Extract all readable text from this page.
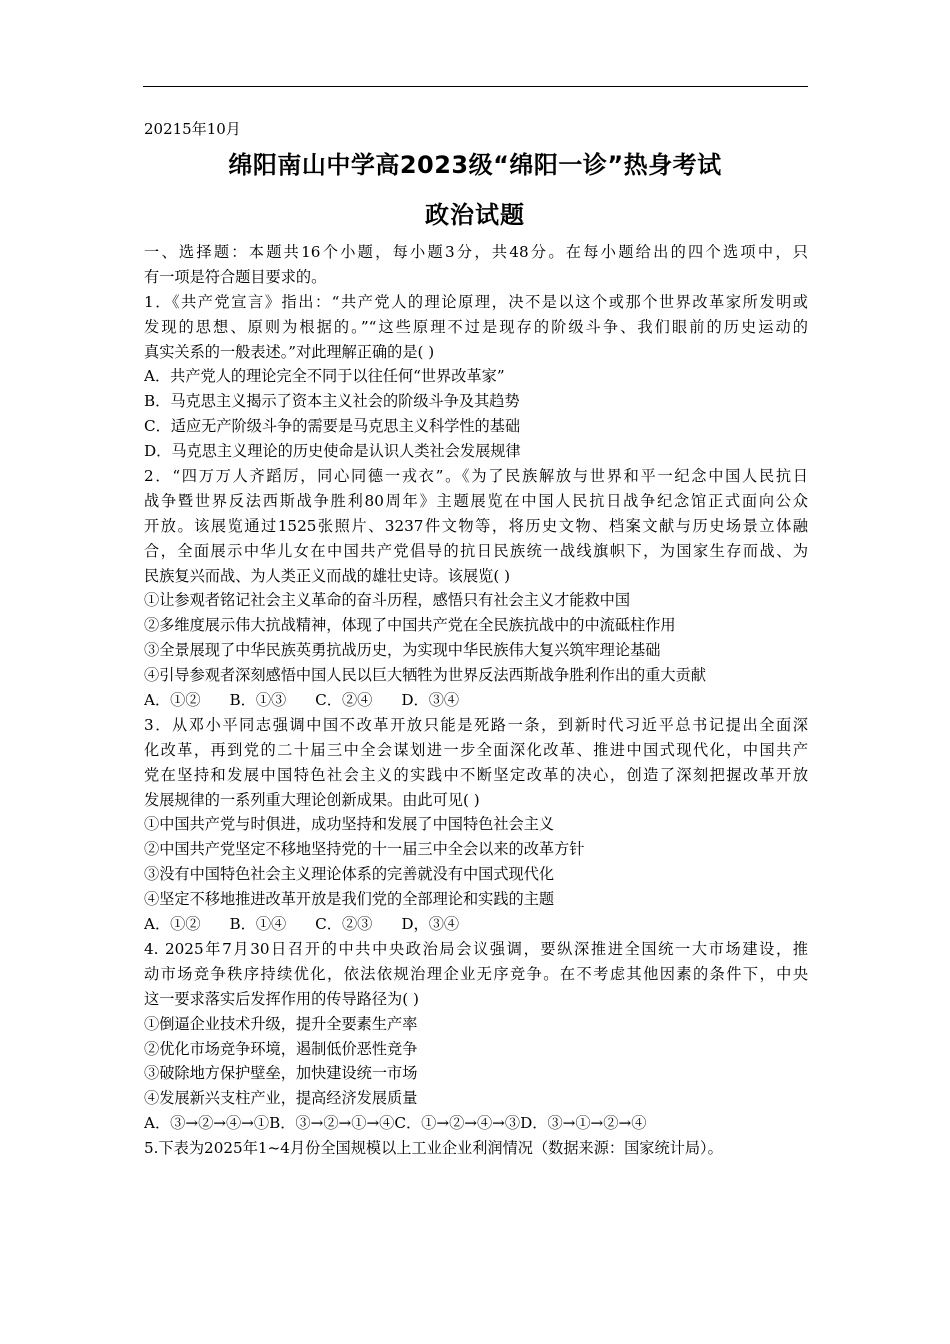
20215年10月
绵阳南山中学高2023级“绵阳一诊”热身考试
政治试题
一、选择题：本题共16个小题，每小题3分，共48分。在每小题给出的四个选项中，只
有一项是符合题目要求的。
1．《共产党宣言》指出：“共产党人的理论原理，决不是以这个或那个世界改革家所发明或
发现的思想、原则为根据的。”“这些原理不过是现存的阶级斗争、我们眼前的历史运动的
真实关系的一般表述。”对此理解正确的是( )
A．共产党人的理论完全不同于以往任何“世界改革家”
B．马克思主义揭示了资本主义社会的阶级斗争及其趋势
C．适应无产阶级斗争的需要是马克思主义科学性的基础
D．马克思主义理论的历史使命是认识人类社会发展规律
2．“四万万人齐蹈厉，同心同德一戎衣”。《为了民族解放与世界和平一纪念中国人民抗日
战争暨世界反法西斯战争胜利80周年》主题展览在中国人民抗日战争纪念馆正式面向公众
开放。该展览通过1525张照片、3237件文物等，将历史文物、档案文献与历史场景立体融
合，全面展示中华儿女在中国共产党倡导的抗日民族统一战线旗帜下，为国家生存而战、为
民族复兴而战、为人类正义而战的雄壮史诗。该展览( )
①让参观者铭记社会主义革命的奋斗历程，感悟只有社会主义才能救中国
②多维度展示伟大抗战精神，体现了中国共产党在全民族抗战中的中流砥柱作用
③全景展现了中华民族英勇抗战历史，为实现中华民族伟大复兴筑牢理论基础
④引导参观者深刻感悟中国人民以巨大牺牲为世界反法西斯战争胜利作出的重大贡献
A．①②      B．①③      C．②④      D．③④
3．从邓小平同志强调中国不改革开放只能是死路一条，到新时代习近平总书记提出全面深
化改革，再到党的二十届三中全会谋划进一步全面深化改革、推进中国式现代化，中国共产
党在坚持和发展中国特色社会主义的实践中不断坚定改革的决心，创造了深刻把握改革开放
发展规律的一系列重大理论创新成果。由此可见( )
①中国共产党与时俱进，成功坚持和发展了中国特色社会主义
②中国共产党坚定不移地坚持党的十一届三中全会以来的改革方针
③没有中国特色社会主义理论体系的完善就没有中国式现代化
④坚定不移地推进改革开放是我们党的全部理论和实践的主题
A．①②      B．①④      C．②③      D，③④
4. 2025年7月30日召开的中共中央政治局会议强调，要纵深推进全国统一大市场建设，推
动市场竞争秩序持续优化，依法依规治理企业无序竞争。在不考虑其他因素的条件下，中央
这一要求落实后发挥作用的传导路径为( )
①倒逼企业技术升级，提升全要素生产率
②优化市场竞争环境，遏制低价恶性竞争
③破除地方保护壁垒，加快建设统一市场
④发展新兴支柱产业，提高经济发展质量
A．③→②→④→①B．③→②→①→④C．①→②→④→③D．③→①→②→④
5.下表为2025年1~4月份全国规模以上工业企业利润情况（数据来源：国家统计局）。
